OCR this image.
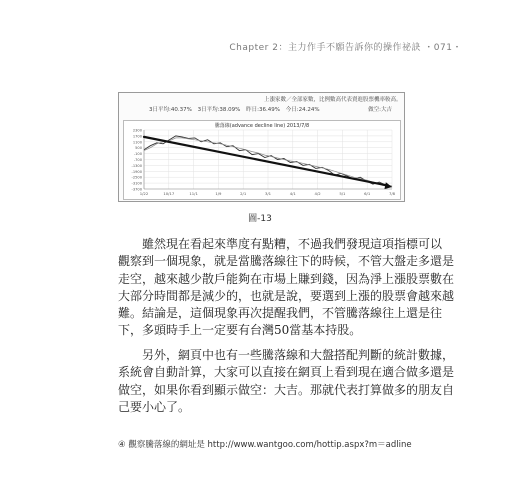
Chapter 2：主力作手不願告訴你的操作祕訣 ・071・
上漲家數／全部家數，比例數高代表賣進股票機率較高。
3日平均:40.37% 3日平均:38.09% 昨日:36.49% 今日:24.24%	做空:大吉
騰落線(advance decline line) 2013/7/8
2300
1700
1100
500
-100
-700
-1300
-1900
-2500
-3100
-3700
1/22	10/17	11/1	1/9	2/1	3/1	4/1	4/2	5/1	6/1	7/8
圖-13
雖然現在看起來準度有點糟，不過我們發現這項指標可以
觀察到一個現象，就是當騰落線往下的時候，不管大盤走多還是
走空，越來越少散戶能夠在市場上賺到錢，因為淨上漲股票數在
大部分時間都是減少的，也就是說，要選到上漲的股票會越來越
難。結論是，這個現象再次提醒我們，不管騰落線往上還是往
下，多頭時手上一定要有台灣50當基本持股。
另外，網頁中也有一些騰落線和大盤搭配判斷的統計數據，
系統會自動計算，大家可以直接在網頁上看到現在適合做多還是
做空，如果你看到顯示做空：大吉。那就代表打算做多的朋友自
己要小心了。
④ 觀察騰落線的網址是 http://www.wantgoo.com/hottip.aspx?m＝adline
